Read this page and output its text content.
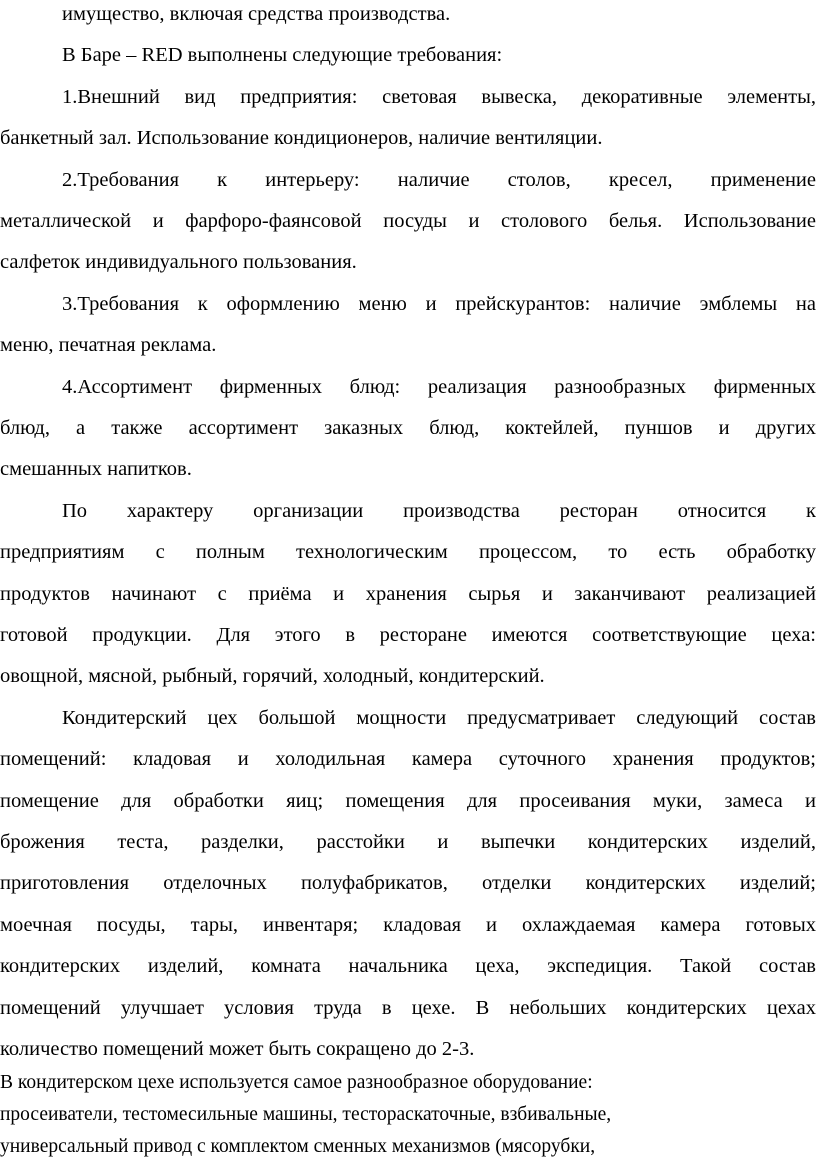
имущество, включая средства производства.
В Баре – RED выполнены следующие требования:
1.Внешний вид предприятия: световая вывеска, декоративные элементы,
банкетный зал. Использование кондиционеров, наличие вентиляции.
2.Требования к интерьеру: наличие столов, кресел, применение
металлической и фарфоро-фаянсовой посуды и столового белья. Использование
салфеток индивидуального пользования.
3.Требования к оформлению меню и прейскурантов: наличие эмблемы на
меню, печатная реклама.
4.Ассортимент фирменных блюд: реализация разнообразных фирменных
блюд, а также ассортимент заказных блюд, коктейлей, пуншов и других
смешанных напитков.
По характеру организации производства ресторан относится к
предприятиям с полным технологическим процессом, то есть обработку
продуктов начинают с приёма и хранения сырья и заканчивают реализацией
готовой продукции. Для этого в ресторане имеются соответствующие цеха:
овощной, мясной, рыбный, горячий, холодный, кондитерский.
Кондитерский цех большой мощности предусматривает следующий состав
помещений: кладовая и холодильная камера суточного хранения продуктов;
помещение для обработки яиц; помещения для просеивания муки, замеса и
брожения теста, разделки, расстойки и выпечки кондитерских изделий,
приготовления отделочных полуфабрикатов, отделки кондитерских изделий;
моечная посуды, тары, инвентаря; кладовая и охлаждаемая камера готовых
кондитерских изделий, комната начальника цеха, экспедиция. Такой состав
помещений улучшает условия труда в цехе. В небольших кондитерских цехах
количество помещений может быть сокращено до 2-3.
В кондитерском цехе используется самое разнообразное оборудование:
просеиватели, тестомесильные машины, тестораскаточные, взбивальные,
универсальный привод с комплектом сменных механизмов (мясорубки,
